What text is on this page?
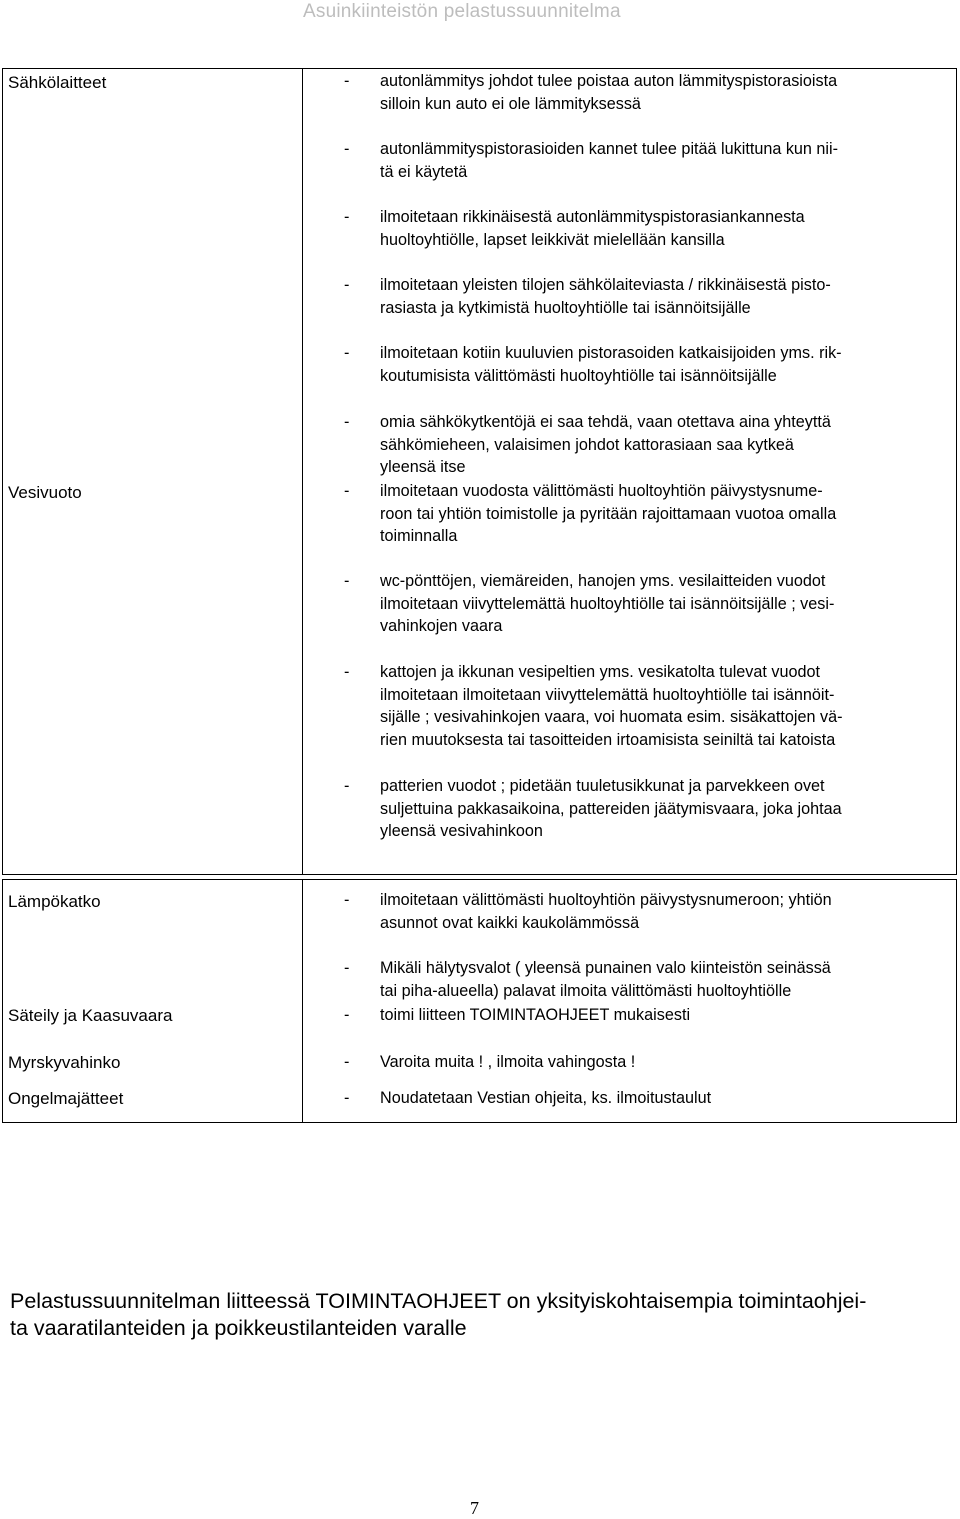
Asuinkiinteistön pelastussuunnitelma
Sähkölaitteet
Vesivuoto
- autonlämmitys johdot tulee poistaa auton lämmityspistorasioista
silloin kun auto ei ole lämmityksessä
- autonlämmityspistorasioiden kannet tulee pitää lukittuna kun nii-
tä ei käytetä
- ilmoitetaan rikkinäisestä autonlämmityspistorasiankannesta
huoltoyhtiölle, lapset leikkivät mielellään kansilla
- ilmoitetaan yleisten tilojen sähkölaiteviasta / rikkinäisestä pisto-
rasiasta ja kytkimistä huoltoyhtiölle tai isännöitsijälle
- ilmoitetaan kotiin kuuluvien pistorasoiden katkaisijoiden yms. rik-
koutumisista välittömästi huoltoyhtiölle tai isännöitsijälle
- omia sähkökytkentöjä ei saa tehdä, vaan otettava aina yhteyttä
sähkömieheen, valaisimen johdot kattorasiaan saa kytkeä
yleensä itse
- ilmoitetaan vuodosta välittömästi huoltoyhtiön päivystysnume-
roon tai yhtiön toimistolle ja pyritään rajoittamaan vuotoa omalla
toiminnalla
- wc-pönttöjen, viemäreiden, hanojen yms. vesilaitteiden vuodot
ilmoitetaan viivyttelemättä huoltoyhtiölle tai isännöitsijälle ; vesi-
vahinkojen vaara
- kattojen ja ikkunan vesipeltien yms. vesikatolta tulevat vuodot
ilmoitetaan ilmoitetaan viivyttelemättä huoltoyhtiölle tai isännöit-
sijälle ; vesivahinkojen vaara, voi huomata esim. sisäkattojen vä-
rien muutoksesta tai tasoitteiden irtoamisista seiniltä tai katoista
- patterien vuodot ; pidetään tuuletusikkunat ja parvekkeen ovet
suljettuina pakkasaikoina, pattereiden jäätymisvaara, joka johtaa
yleensä vesivahinkoon
Lämpökatko
Säteily ja Kaasuvaara
Myrskyvahinko
Ongelmajätteet
- ilmoitetaan välittömästi huoltoyhtiön päivystysnumeroon; yhtiön
asunnot ovat kaikki kaukolämmössä
- Mikäli hälytysvalot ( yleensä punainen valo kiinteistön seinässä
tai piha-alueella) palavat ilmoita välittömästi huoltoyhtiölle
- toimi liitteen TOIMINTAOHJEET mukaisesti
- Varoita muita ! , ilmoita vahingosta !
- Noudatetaan Vestian ohjeita, ks. ilmoitustaulut
Pelastussuunnitelman liitteessä TOIMINTAOHJEET on yksityiskohtaisempia toimintaohjei-
ta vaaratilanteiden ja poikkeustilanteiden varalle
7
